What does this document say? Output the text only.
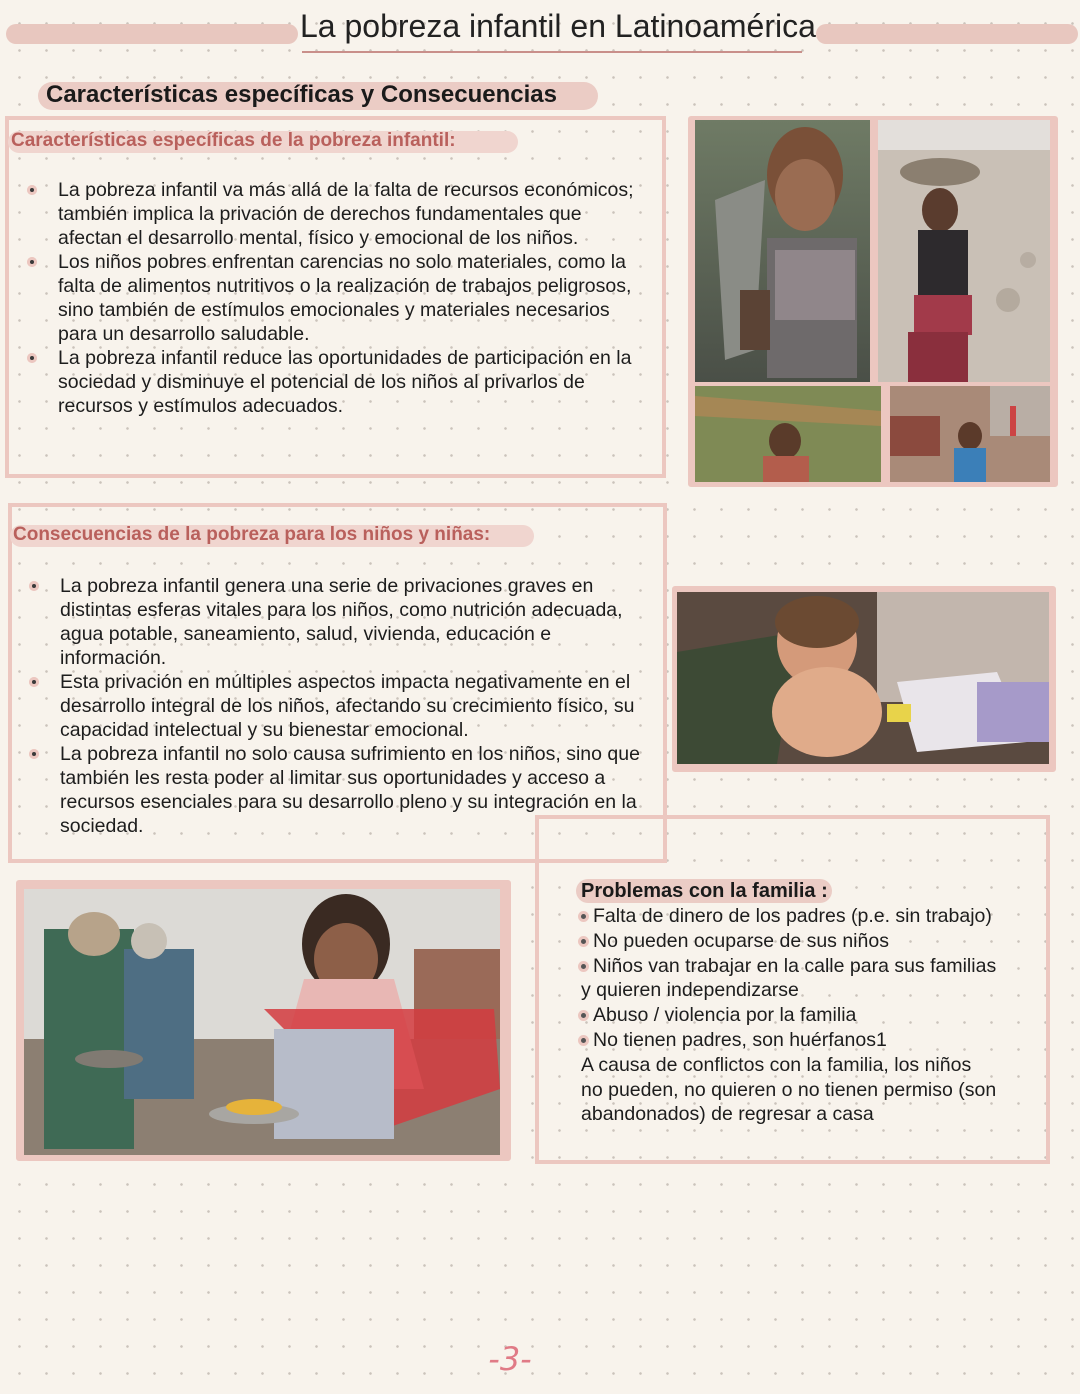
La pobreza infantil en Latinoamérica
Características específicas y Consecuencias
Características específicas de la pobreza infantil:
La pobreza infantil va más allá de la falta de recursos económicos; también implica la privación de derechos fundamentales que afectan el desarrollo mental, físico y emocional de los niños.
Los niños pobres enfrentan carencias no solo materiales, como la falta de alimentos nutritivos o la realización de trabajos peligrosos, sino también de estímulos emocionales y materiales necesarios para un desarrollo saludable.
La pobreza infantil reduce las oportunidades de participación en la sociedad y disminuye el potencial de los niños al privarlos de recursos y estímulos adecuados.
Consecuencias de la pobreza para los niños y niñas:
La pobreza infantil genera una serie de privaciones graves en distintas esferas vitales para los niños, como nutrición adecuada, agua potable, saneamiento, salud, vivienda, educación e información.
Esta privación en múltiples aspectos impacta negativamente en el desarrollo integral de los niños, afectando su crecimiento físico, su capacidad intelectual y su bienestar emocional.
La pobreza infantil no solo causa sufrimiento en los niños, sino que también les resta poder al limitar sus oportunidades y acceso a recursos esenciales para su desarrollo pleno y su integración en la sociedad.
Problemas con la familia :
Falta de dinero de los padres (p.e. sin trabajo)
No pueden ocuparse de sus niños
Niños van trabajar en la calle para sus familias
y quieren independizarse
Abuso / violencia por la familia
No tienen padres, son huérfanos1
A causa de conflictos con la familia, los niños
no pueden, no quieren o no tienen permiso (son
abandonados) de regresar a casa
-3-
